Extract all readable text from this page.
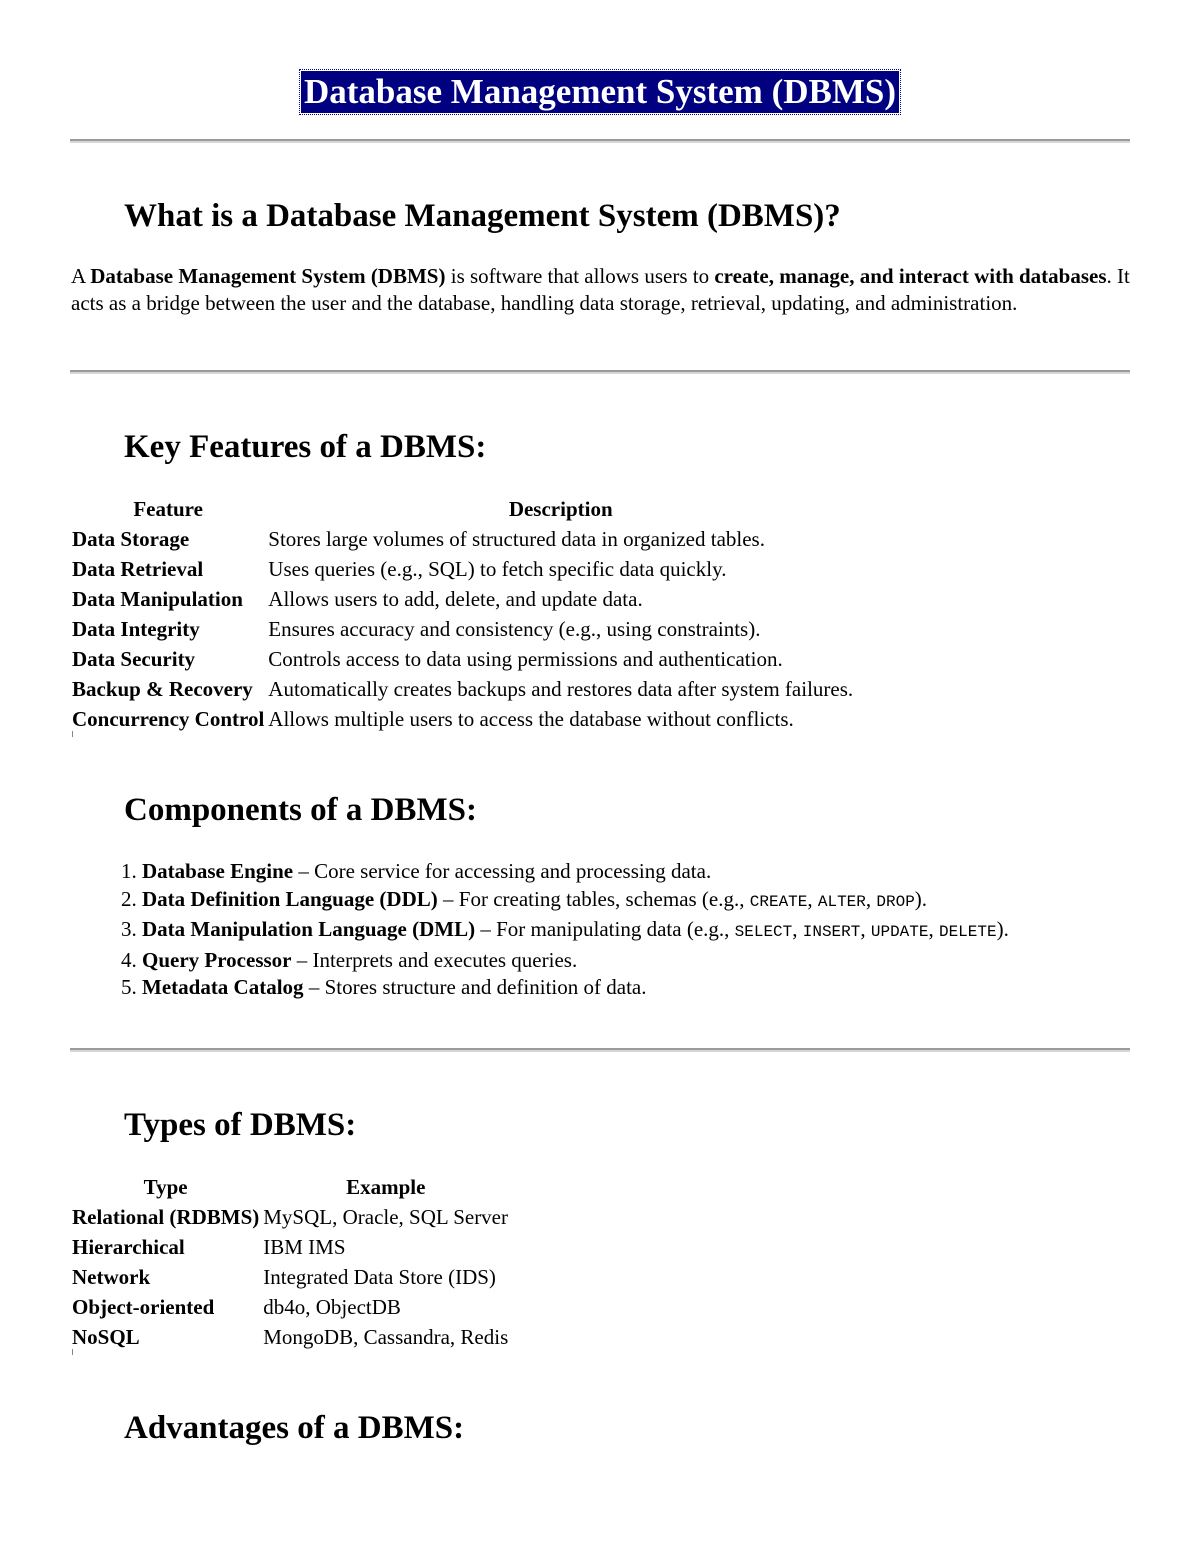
Database Management System (DBMS)
What is a Database Management System (DBMS)?

A Database Management System (DBMS) is software that allows users to create, manage, and interact with databases. It acts as a bridge between the user and the database, handling data storage, retrieval, updating, and administration.

Key Features of a DBMS:
Feature	Description
Data Storage	Stores large volumes of structured data in organized tables.
Data Retrieval	Uses queries (e.g., SQL) to fetch specific data quickly.
Data Manipulation	Allows users to add, delete, and update data.
Data Integrity	Ensures accuracy and consistency (e.g., using constraints).
Data Security	Controls access to data using permissions and authentication.
Backup & Recovery	Automatically creates backups and restores data after system failures.
Concurrency Control	Allows multiple users to access the database without conflicts.
Components of a DBMS:
1. Database Engine – Core service for accessing and processing data.
2. Data Definition Language (DDL) – For creating tables, schemas (e.g., CREATE, ALTER, DROP).
3. Data Manipulation Language (DML) – For manipulating data (e.g., SELECT, INSERT, UPDATE, DELETE).
4. Query Processor – Interprets and executes queries.
5. Metadata Catalog – Stores structure and definition of data.
Types of DBMS:
Type	Example
Relational (RDBMS)	MySQL, Oracle, SQL Server
Hierarchical	IBM IMS
Network	Integrated Data Store (IDS)
Object-oriented	db4o, ObjectDB
NoSQL	MongoDB, Cassandra, Redis
Advantages of a DBMS:
